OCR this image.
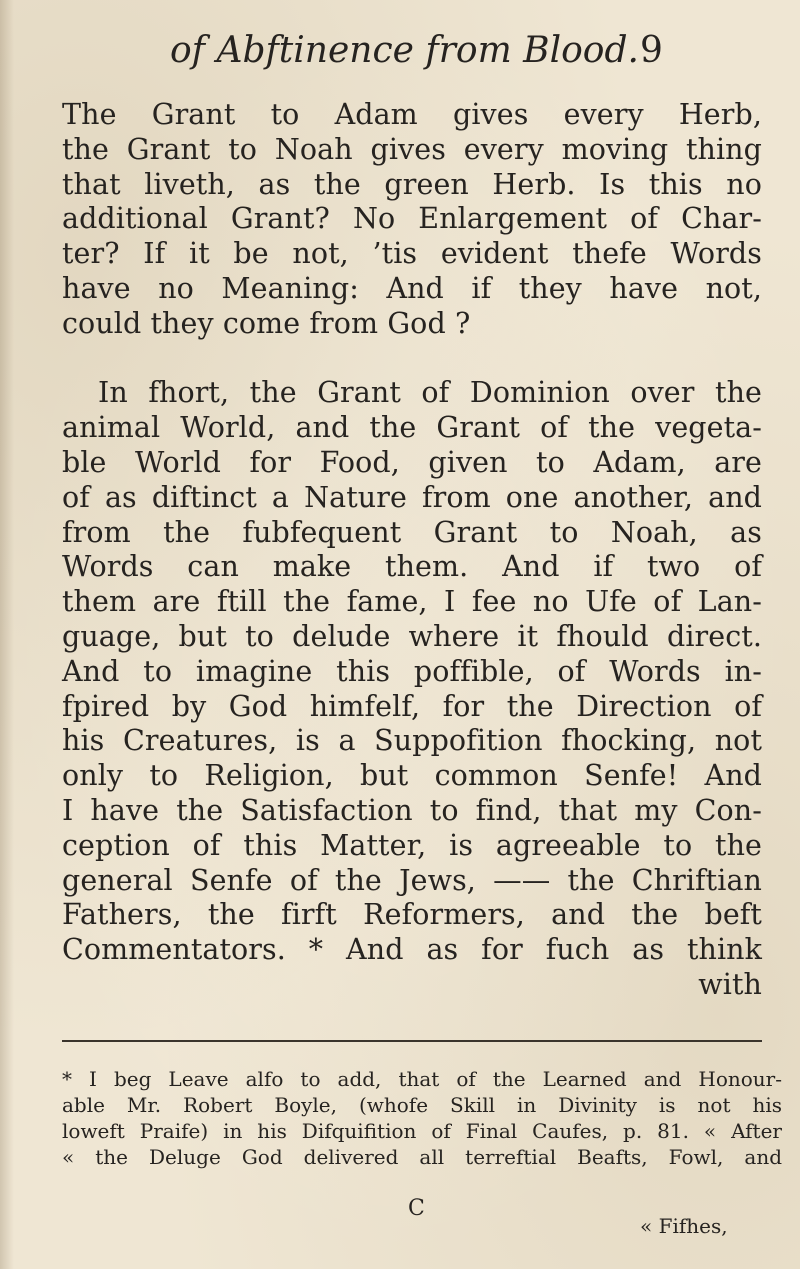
of Abftinence from Blood. 9
The Grant to Adam gives every Herb,
the Grant to Noah gives every moving thing
that liveth, as the green Herb. Is this no
additional Grant? No Enlargement of Char-
ter? If it be not, ’tis evident thefe Words
have no Meaning: And if they have not,
could they come from God ?
In fhort, the Grant of Dominion over the
animal World, and the Grant of the vegeta-
ble World for Food, given to Adam, are
of as diftinct a Nature from one another, and
from the fubfequent Grant to Noah, as
Words can make them. And if two of
them are ftill the fame, I fee no Ufe of Lan-
guage, but to delude where it fhould direct.
And to imagine this poffible, of Words in-
fpired by God himfelf, for the Direction of
his Creatures, is a Suppofition fhocking, not
only to Religion, but common Senfe! And
I have the Satisfaction to find, that my Con-
ception of this Matter, is agreeable to the
general Senfe of the Jews, —— the Chriftian
Fathers, the firft Reformers, and the beft
Commentators. * And as for fuch as think
with
* I beg Leave alfo to add, that of the Learned and Honour-
able Mr. Robert Boyle, (whofe Skill in Divinity is not his
loweft Praife) in his Difquifition of Final Caufes, p. 81. « After
« the Deluge God delivered all terreftial Beafts, Fowl, and
C
« Fifhes,
